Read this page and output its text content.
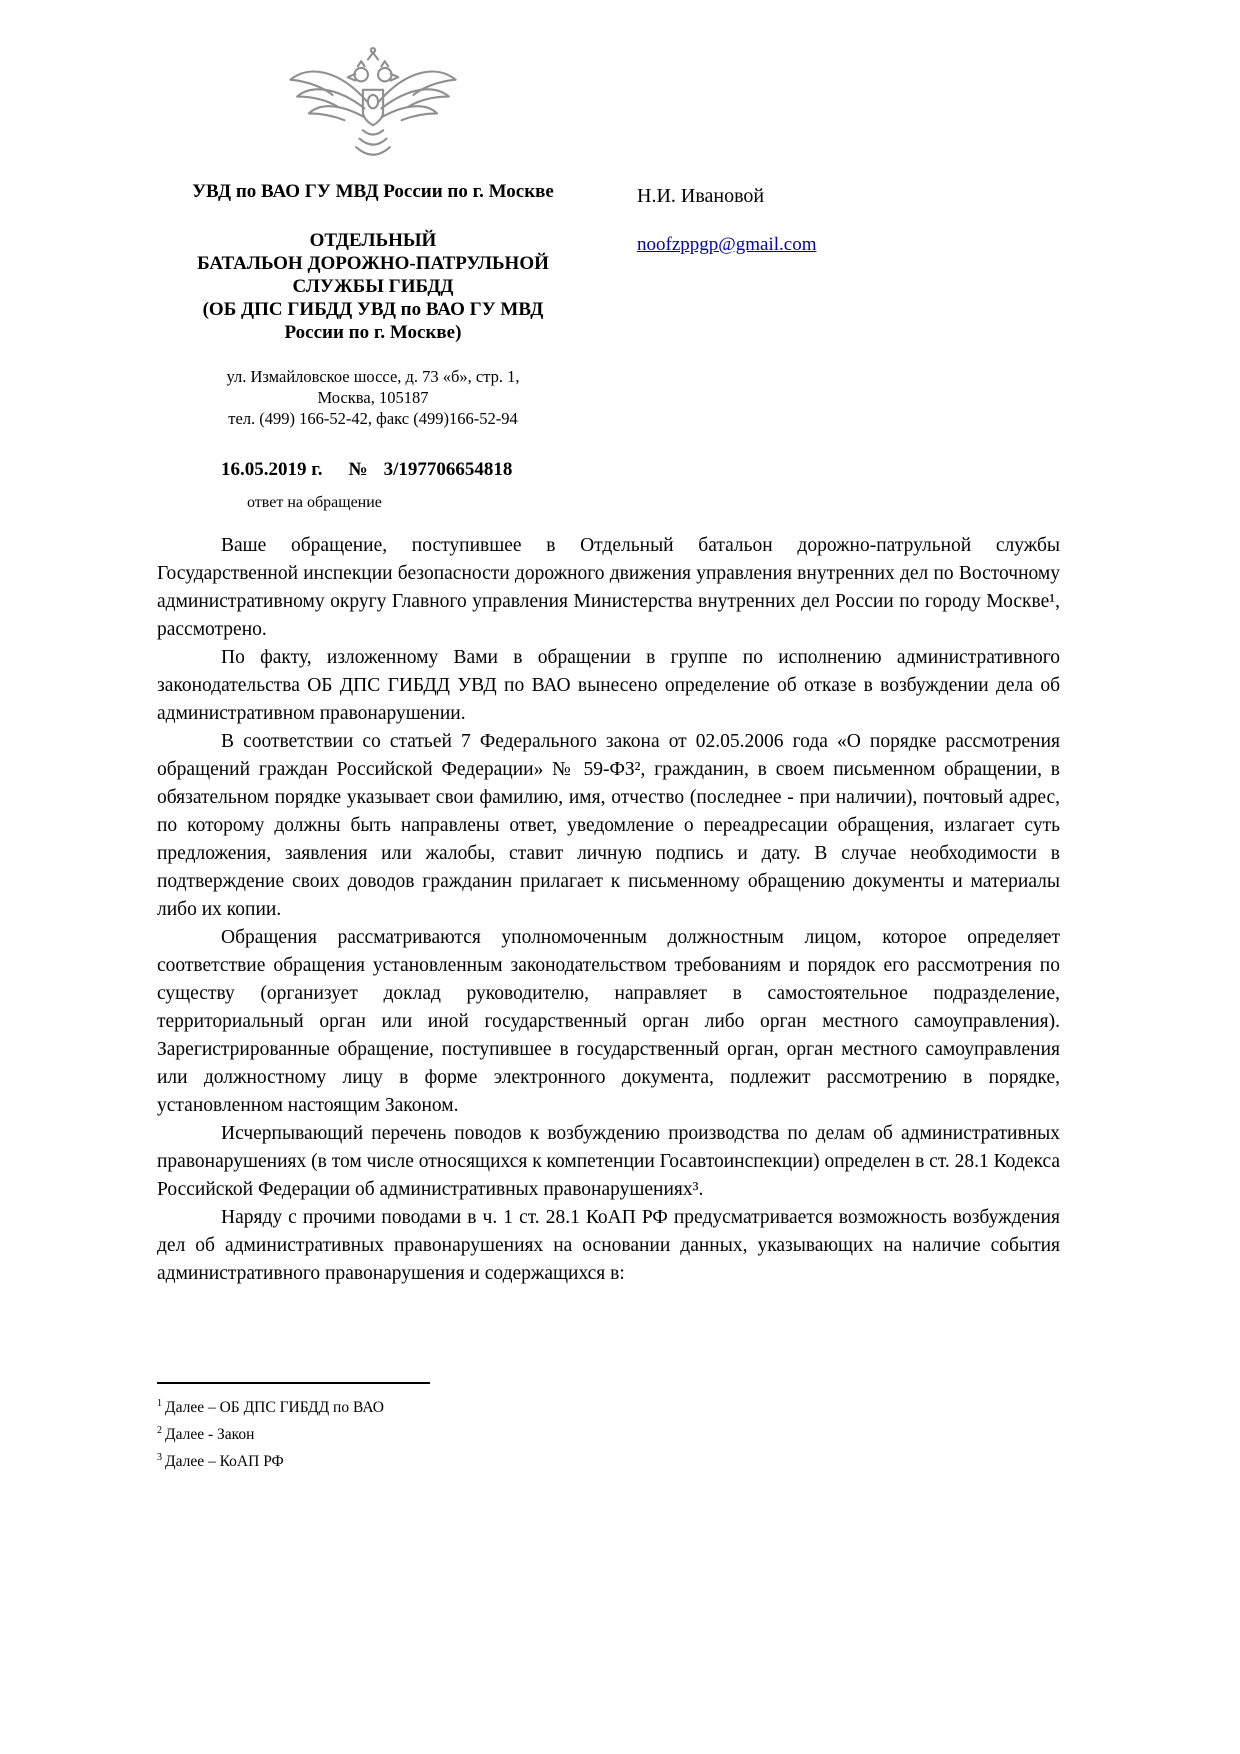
УВД по ВАО ГУ МВД России по г. Москве
ОТДЕЛЬНЫЙ
БАТАЛЬОН ДОРОЖНО-ПАТРУЛЬНОЙ
СЛУЖБЫ ГИБДД
(ОБ ДПС ГИБДД УВД по ВАО ГУ МВД
России по г. Москве)
ул. Измайловское шоссе, д. 73 «б», стр. 1,
Москва, 105187
тел. (499) 166-52-42, факс (499)166-52-94
16.05.2019 г. № 3/197706654818
ответ на обращение
Н.И. Ивановой
noofzppgp@gmail.com

Ваше обращение, поступившее в Отдельный батальон дорожно-патрульной службы Государственной инспекции безопасности дорожного движения управления внутренних дел по Восточному административному округу Главного управления Министерства внутренних дел России по городу Москве¹, рассмотрено.

По факту, изложенному Вами в обращении в группе по исполнению административного законодательства ОБ ДПС ГИБДД УВД по ВАО вынесено определение об отказе в возбуждении дела об административном правонарушении.

В соответствии со статьей 7 Федерального закона от 02.05.2006 года «О порядке рассмотрения обращений граждан Российской Федерации» № 59-ФЗ², гражданин, в своем письменном обращении, в обязательном порядке указывает свои фамилию, имя, отчество (последнее - при наличии), почтовый адрес, по которому должны быть направлены ответ, уведомление о переадресации обращения, излагает суть предложения, заявления или жалобы, ставит личную подпись и дату. В случае необходимости в подтверждение своих доводов гражданин прилагает к письменному обращению документы и материалы либо их копии.

Обращения рассматриваются уполномоченным должностным лицом, которое определяет соответствие обращения установленным законодательством требованиям и порядок его рассмотрения по существу (организует доклад руководителю, направляет в самостоятельное подразделение, территориальный орган или иной государственный орган либо орган местного самоуправления). Зарегистрированные обращение, поступившее в государственный орган, орган местного самоуправления или должностному лицу в форме электронного документа, подлежит рассмотрению в порядке, установленном настоящим Законом.

Исчерпывающий перечень поводов к возбуждению производства по делам об административных правонарушениях (в том числе относящихся к компетенции Госавтоинспекции) определен в ст. 28.1 Кодекса Российской Федерации об административных правонарушениях³.

Наряду с прочими поводами в ч. 1 ст. 28.1 КоАП РФ предусматривается возможность возбуждения дел об административных правонарушениях на основании данных, указывающих на наличие события административного правонарушения и содержащихся в:

$^1$ Далее – ОБ ДПС ГИБДД по ВАО
$^2$ Далее - Закон
$^3$ Далее – КоАП РФ
